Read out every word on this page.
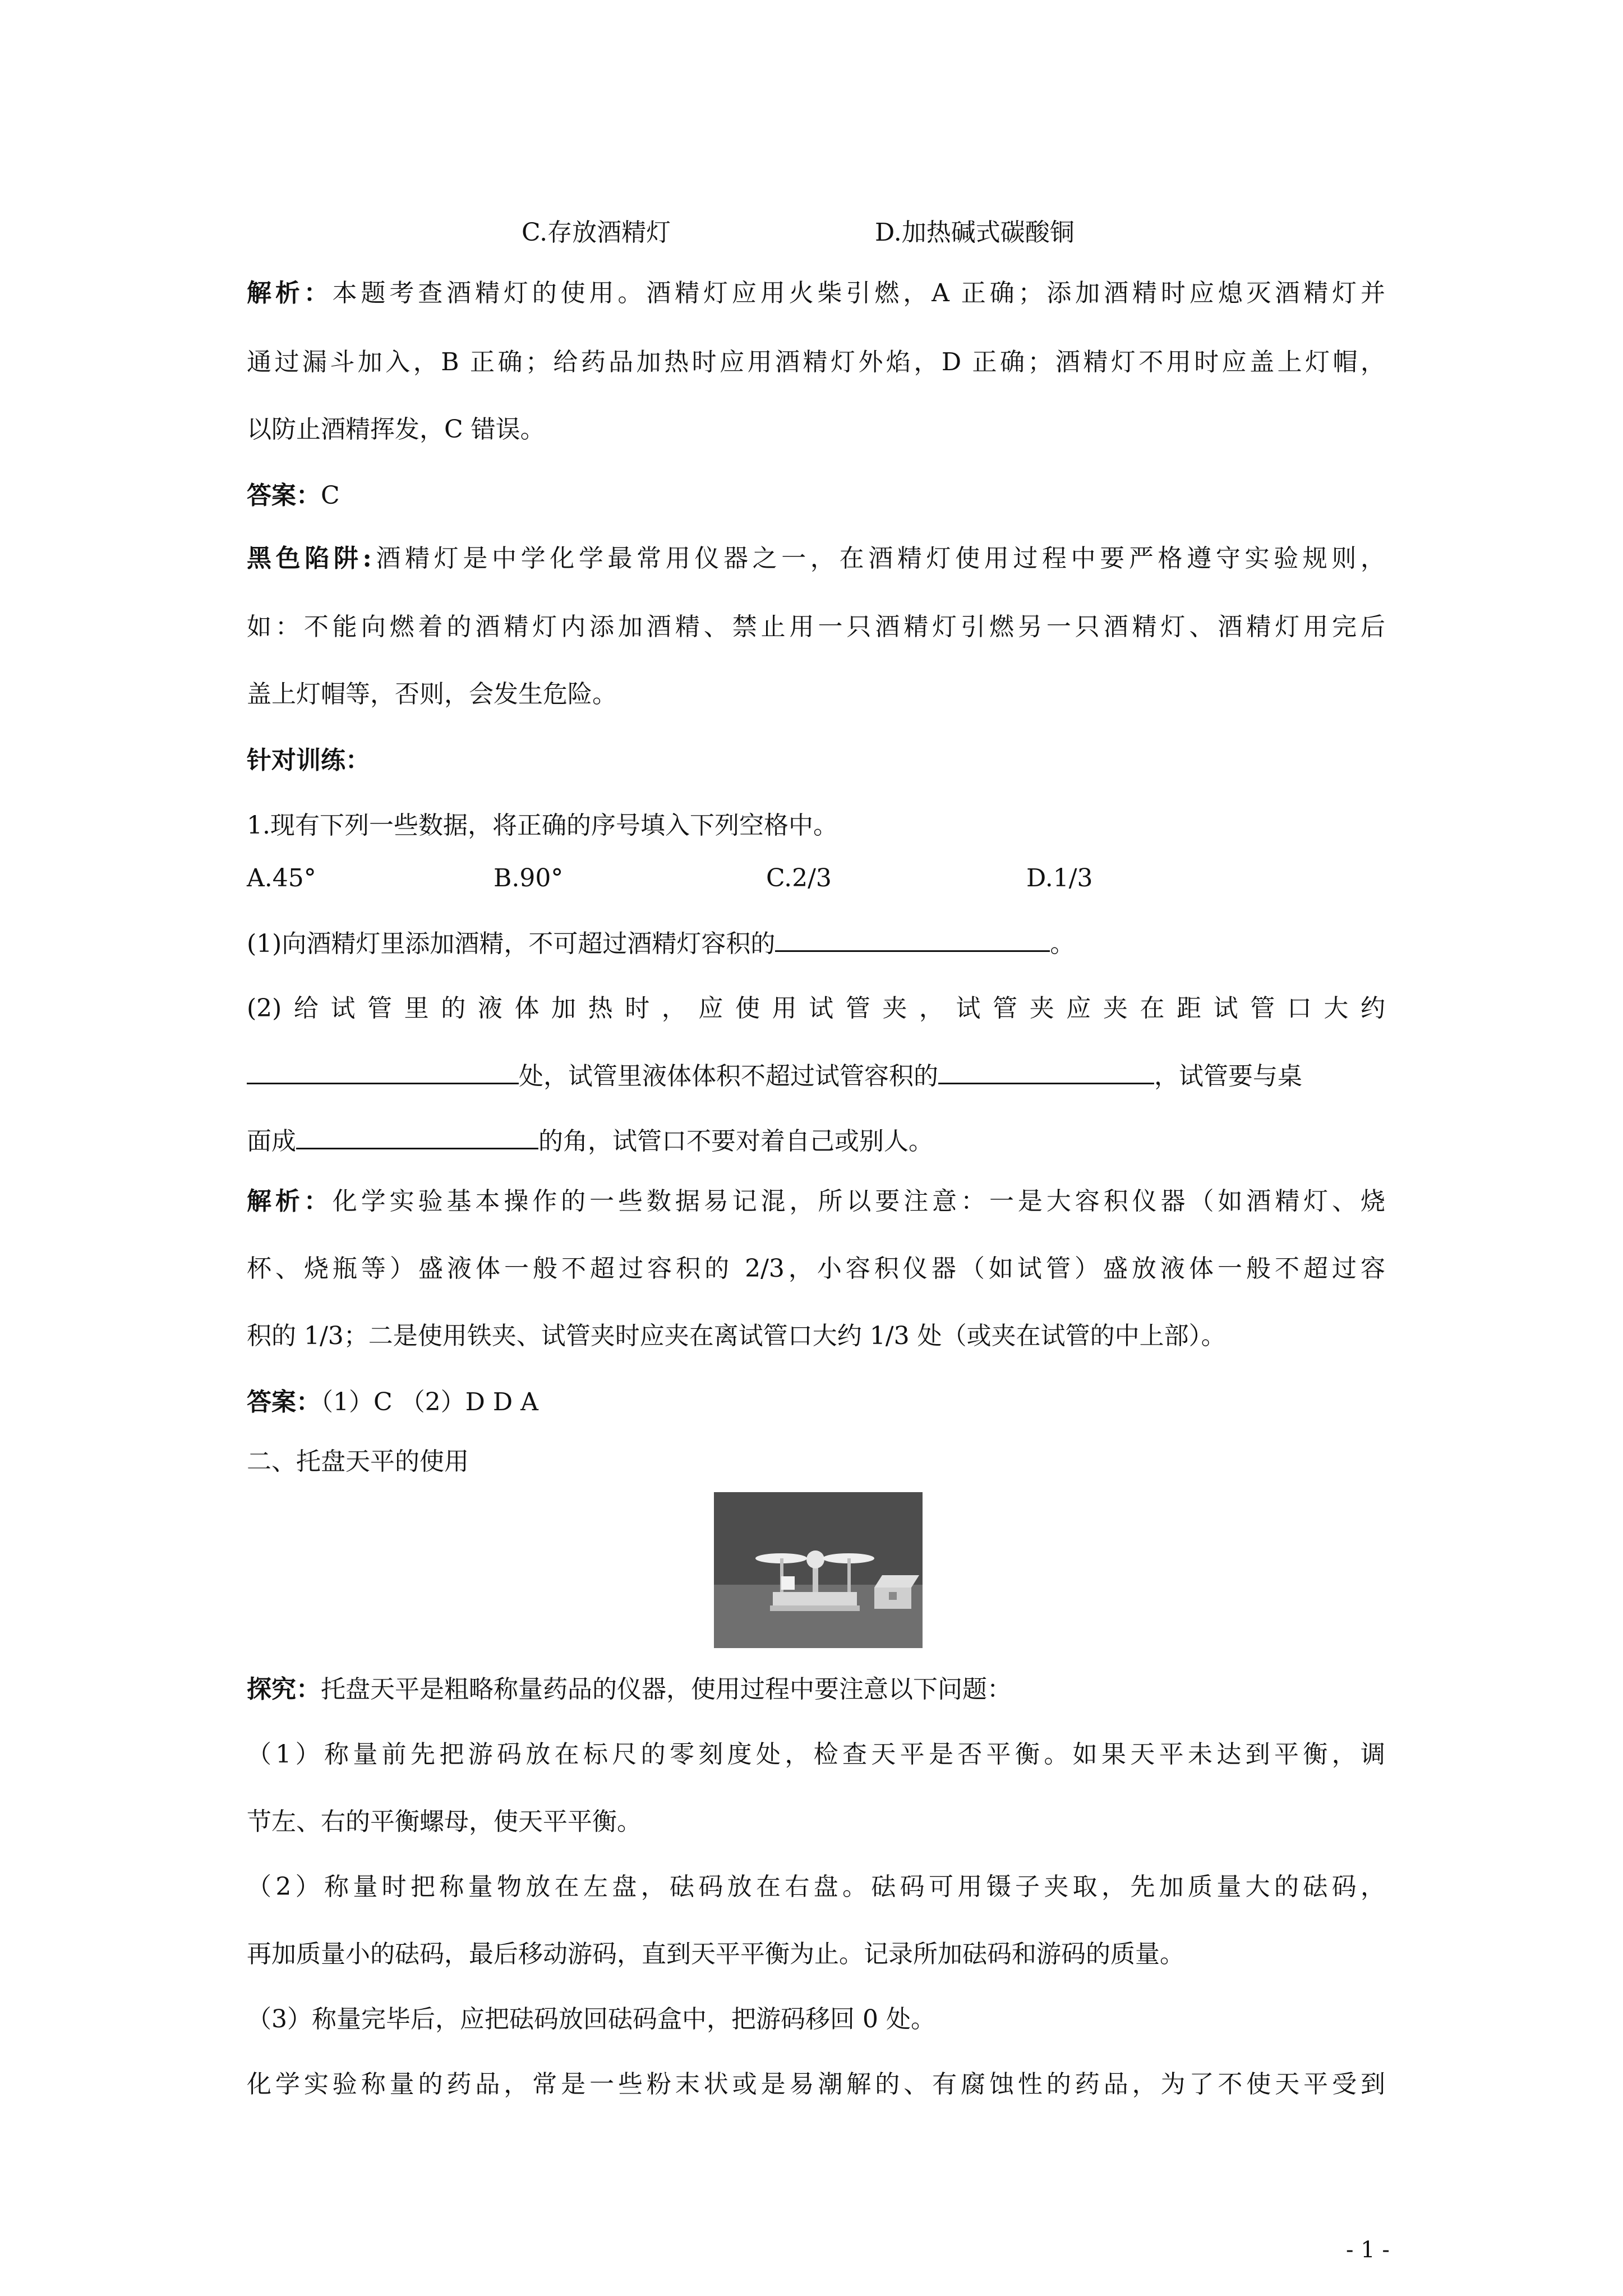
C.存放酒精灯	D.加热碱式碳酸铜
解析：本题考查酒精灯的使用。酒精灯应用火柴引燃，A 正确；添加酒精时应熄灭酒精灯并
通过漏斗加入，B 正确；给药品加热时应用酒精灯外焰，D 正确；酒精灯不用时应盖上灯帽，
以防止酒精挥发，C 错误。
答案：C
黑色陷阱:酒精灯是中学化学最常用仪器之一，在酒精灯使用过程中要严格遵守实验规则，
如：不能向燃着的酒精灯内添加酒精、禁止用一只酒精灯引燃另一只酒精灯、酒精灯用完后
盖上灯帽等，否则，会发生危险。
针对训练：
1.现有下列一些数据，将正确的序号填入下列空格中。
A.45°	B.90°	C.2/3	D.1/3
(1)向酒精灯里添加酒精，不可超过酒精灯容积的	。
(2)给试管里的液体加热时，应使用试管夹，试管夹应夹在距试管口大约
处，试管里液体体积不超过试管容积的	，试管要与桌
面成	的角，试管口不要对着自己或别人。
解析：化学实验基本操作的一些数据易记混，所以要注意：一是大容积仪器（如酒精灯、烧
杯、烧瓶等）盛液体一般不超过容积的 2/3，小容积仪器（如试管）盛放液体一般不超过容
积的 1/3；二是使用铁夹、试管夹时应夹在离试管口大约 1/3 处（或夹在试管的中上部）。
答案：（1）C （2）D D A
二、托盘天平的使用
探究：托盘天平是粗略称量药品的仪器，使用过程中要注意以下问题：
（1）称量前先把游码放在标尺的零刻度处，检查天平是否平衡。如果天平未达到平衡，调
节左、右的平衡螺母，使天平平衡。
（2）称量时把称量物放在左盘，砝码放在右盘。砝码可用镊子夹取，先加质量大的砝码，
再加质量小的砝码，最后移动游码，直到天平平衡为止。记录所加砝码和游码的质量。
（3）称量完毕后，应把砝码放回砝码盒中，把游码移回 0 处。
化学实验称量的药品，常是一些粉末状或是易潮解的、有腐蚀性的药品，为了不使天平受到
- 1 -
